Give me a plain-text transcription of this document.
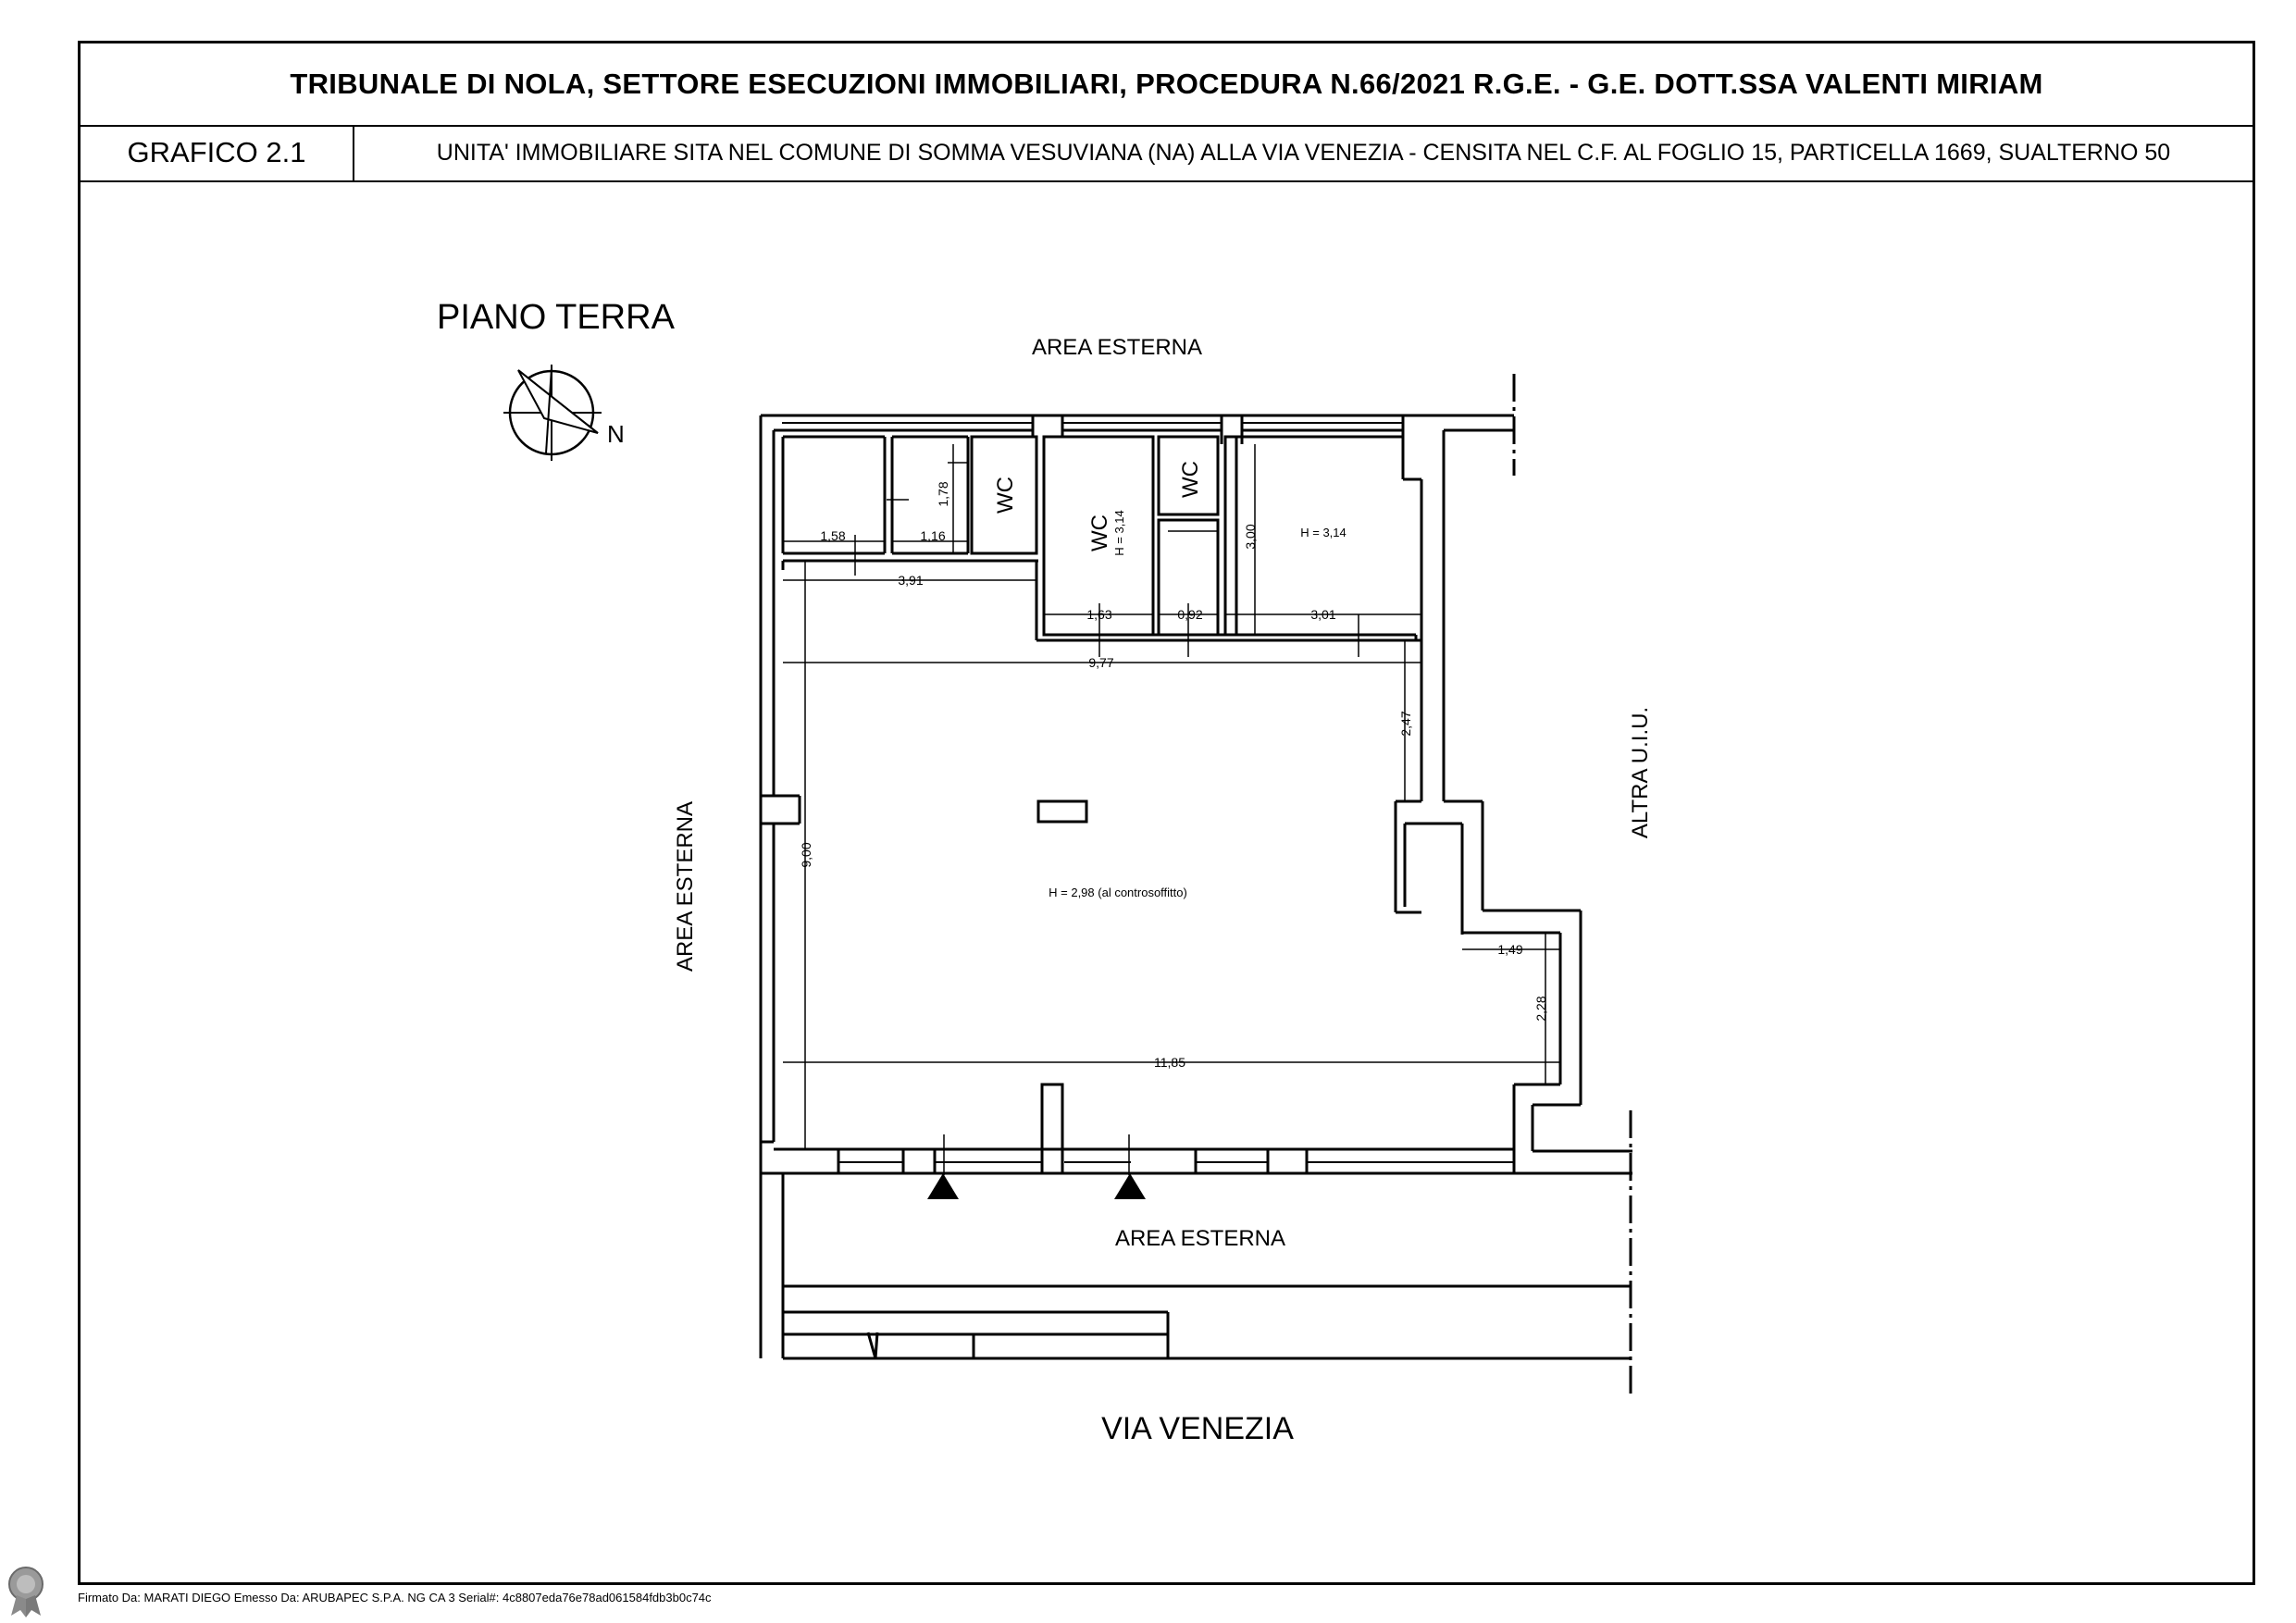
TRIBUNALE DI NOLA, SETTORE ESECUZIONI IMMOBILIARI, PROCEDURA N.66/2021 R.G.E. - G.E. DOTT.SSA VALENTI MIRIAM
GRAFICO 2.1	UNITA' IMMOBILIARE SITA NEL COMUNE DI SOMMA VESUVIANA (NA) ALLA VIA VENEZIA - CENSITA NEL C.F. AL FOGLIO 15, PARTICELLA 1669, SUALTERNO 50
PIANO TERRA
N
AREA ESTERNA
AREA ESTERNA
ALTRA U.I.U.
AREA ESTERNA
VIA VENEZIA
WC
WC H = 3,14
WC
H = 3,14
H = 2,98 (al controsoffitto)
1,58	1,16
1,78
3,91
1,63	0,92
3,00
3,01
9,77
2,47
9,00
1,49
2,28
11,85
Firmato Da: MARATI DIEGO Emesso Da: ARUBAPEC S.P.A. NG CA 3 Serial#: 4c8807eda76e78ad061584fdb3b0c74c
